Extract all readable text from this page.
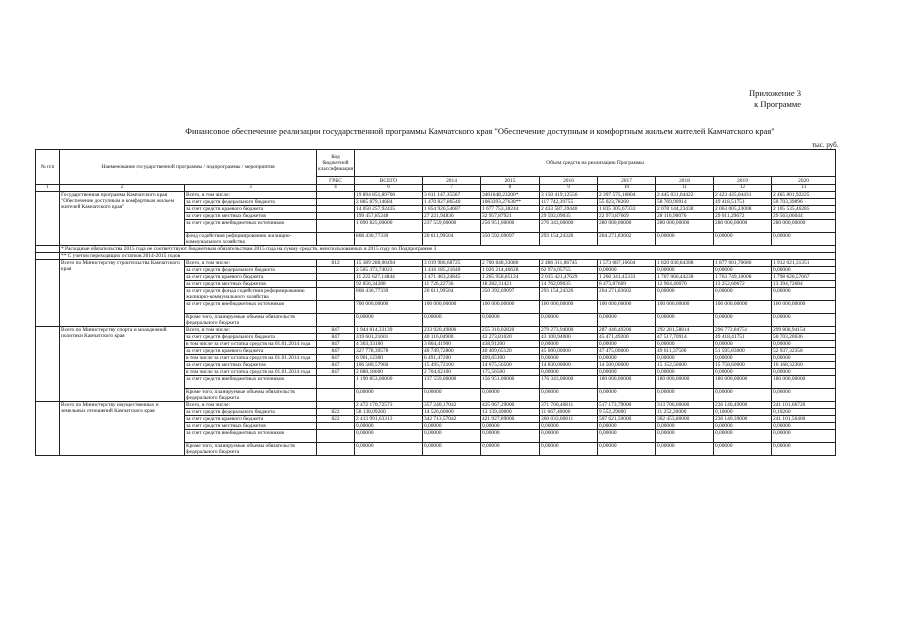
Приложение 3
к Программе
Финансовое обеспечение реализации государственной программы Камчатского края "Обеспечение доступным и комфортным жильем жителей Камчатского края"
тыс. руб.
№ п/п	Наименование государственной программы / подпрограммы / мероприятия		Код бюджетной классификации	Объем средств на реализацию Программы							
			ГРБС	ВСЕГО	2014	2015	2016	2017	2018	2019	2020
1	2	3	4	6	7	8	9	10	11	12	13
	Государственная программа Камчатского края "Обеспечение доступным и комфортным жильем жителей Камчатского края"	Всего, в том числе:		19 894 851,89706	3 611 147,35567	3401648,23200*	3 150 419,12556	2 397 575,16804	2 445 031,04422	2 423 435,04431	2 465 801,92225
		за счет средств федерального бюджета		2 885 879,14684	1 470 827,86540	1083393,27638**	117 742,39755	55 023,78260	58 769,90914	49 418,51751	50 703,39896
		за счет средств краевого бюджета		14 050 257,92435	1 854 926,54687	1 677 753,38244	2 433 587,39440	1 835 305,67333	2 078 144,23438	2 063 005,23008	2 105 535,46285
		за счет средств местных бюджетов		199 457,85248	27 221,94836	32 957,87921	29 592,09035	22 973,87669	28 116,90070	29 011,29672	29 563,06044
		за счет средств внебюджетных источников		1 890 825,00000	237 559,00000	256 951,00000	276 343,00000	280 000,00000	280 000,00000	280 000,00000	280 000,00000
		фонд содействия реформированию жилищно-коммунального хозяйства		868 430,77339	20 611,99504	350 592,69097	293 154,24326	204 271,83602	0,00000	0,00000	0,00000
	* Расходные обязательства 2015 года не соответствуют бюджетным обязательствам 2015 года на сумму средств, неиспользованных в 2015 году по Подпрограмме 3										
	** С учетом переходящих остатков 2014-2015 годов										
	Всего по Министерству строительства Камчатского края	Всего, в том числе:	812	15 389 288,00494	3 019 986,68725	2 700 848,33080	2 486 311,86745	1 573 087,16604	1 820 030,84308	1 877 001,70680	1 912 021,31351
		за счет средств федерального бюджета		2 505 373,74023	1 416 185,21640	1 026 214,46628	62 974,05755	0,00000	0,00000	0,00000	0,00000
		за счет средств краевого бюджета		11 222 627,14844	1 471 463,24845	1 205 958,85124	2 015 421,47629	1 260 341,45333	1 707 066,44238	1 763 749,10008	1 798 626,57667
		за счет средств местных бюджетов		92 856,34288	11 726,22736	18 282,31421	14 762,09035	8 473,87669	12 964,40070	13 252,60672	13 394,72684
		за счет средств фонда содействия реформированию жилищно-коммунального хозяйства		868 430,77339	20 611,99504	350 392,69097	293 154,24326	204 271,83602	0,00000	0,00000	0,00000
		за счет средств внебюджетных источников		700 000,00000	100 000,00000	100 000,00000	100 000,00000	100 000,00000	100 000,00000	100 000,00000	100 000,00000
		Кроме того, планируемые объемы обязательств федерального бюджета		0,00000	0,00000	0,00000	0,00000	0,00000	0,00000	0,00000	0,00000
	Всего по Министерству спорта и молодежной политики Камчатского края	Всего, в том числе:	847	1 944 814,33139	233 920,49800	255 310,02820	279 273,94000	287 446,49200	292 281,58814	296 772,84751	299 808,94154
		за счет средств федерального бюджета	847	319 601,21601	40 116,04900	43 273,81020	43 100,94000	45 471,49200	47 517,70914	49 418,41751	50 703,20636
		в том числе за счет остатка средств на 01.01.2014 года	847	4 303,33100	3 864,41900	438,91200	0,00000	0,00000	0,00000	0,00000	0,00000
		за счет средств краевого бюджета	847	327 778,30578	40 749,72800	40 409,65120	45 000,00000	47 475,00000	49 611,37500	51 595,83000	52 937,32358
		в том числе за счет остатка средств на 01.01.2014 года	847	6 901,12300	6 491,47200	409,65100	0,00000	0,00000	0,00000	0,00000	0,00000
		за счет средств местных бюджетов	847	106 580,57960	15 495,72100	14 675,56500	14 830,00000	14 500,00000	15 152,50000	15 758,60000	16 168,32360
		в том числе за счет остатка средств на 01.01.2014 года	847	2 880,18600	2 704,62100	175,56500	0,00000	0,00000	0,00000	0,00000	0,00000
		за счет средств внебюджетных источников		1 190 853,00000	137 559,00000	156 951,00000	176 343,00000	180 000,00000	180 000,00000	180 000,00000	180 000,00000
		Кроме того, планируемые объемы обязательств федерального бюджета		0,00000	0,00000	0,00000	0,00000	0,00000	0,00000	0,00000	0,00000
	Всего по Министерству имущественных и земельных отношений Камчатского края	Всего, в том числе:		2 472 170,72573	357 240,17042	435 067,29000	371 700,40811	517 173,79000	313 706,00000	236 140,49000	241 101,66720
		за счет средств федерального бюджета	822	58 138,09260	14 526,60000	13 139,40000	11 667,40000	9 552,29000	11 252,20000	0,10000	0,10260
		за счет средств краевого бюджета	822	2 413 991,63313	342 713,57042	421 927,89000	360 033,00811	507 621,50000	302 453,80000	236 140,39000	241 101,56460
		за счет средств местных бюджетов		0,00000	0,00000	0,00000	0,00000	0,00000	0,00000	0,00000	0,00000
		за счет средств внебюджетных источников		0,00000	0,00000	0,00000	0,00000	0,00000	0,00000	0,00000	0,00000
		Кроме того, планируемые объемы обязательств федерального бюджета		0,00000	0,00000	0,00000	0,00000	0,00000	0,00000	0,00000	0,00000
